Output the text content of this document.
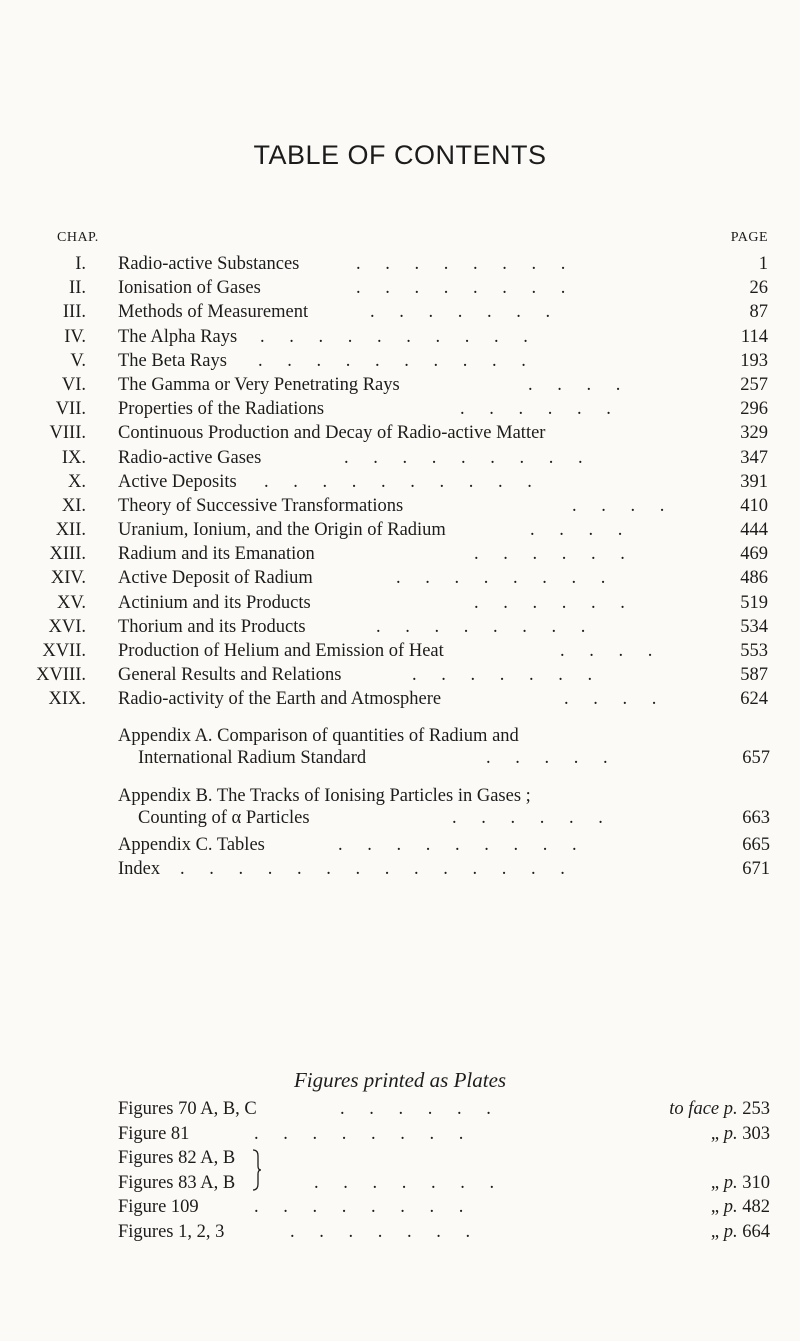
TABLE OF CONTENTS
CHAP.	PAGE
I. Radio-active Substances	. . . . . . . .	1
II. Ionisation of Gases	. . . . . . . .	26
III. Methods of Measurement	. . . . . . .	87
IV. The Alpha Rays . . . . . . . . . .	114
V. The Beta Rays . . . . . . . . . .	193
VI. The Gamma or Very Penetrating Rays	. . . .	257
VII. Properties of the Radiations	. . . . . .	296
VIII. Continuous Production and Decay of Radio-active Matter	329
IX. Radio-active Gases	. . . . . . . . .	347
X. Active Deposits . . . . . . . . . .	391
XI. Theory of Successive Transformations	. . . .	410
XII. Uranium, Ionium, and the Origin of Radium	. . . .	444
XIII. Radium and its Emanation	. . . . . .	469
XIV. Active Deposit of Radium	. . . . . . . .	486
XV. Actinium and its Products	. . . . . .	519
XVI. Thorium and its Products	. . . . . . . .	534
XVII. Production of Helium and Emission of Heat	. . . .	553
XVIII. General Results and Relations	. . . . . . .	587
XIX. Radio-activity of the Earth and Atmosphere	. . . .	624
Appendix A. Comparison of quantities of Radium and
International Radium Standard	. . . . .	657
Appendix B. The Tracks of Ionising Particles in Gases ;
Counting of α Particles	. . . . . .	663
Appendix C. Tables	. . . . . . . . .	665
Index	. . . . . . . . . . . . . .	671
Figures printed as Plates
Figures 70 A, B, C	. . . . . .	to face p. 253
Figure 81	. . . . . . . .	„ p. 303
Figures 82 A, B
Figures 83 A, B	. . . . . . .	„ p. 310
Figure 109	. . . . . . . .	„ p. 482
Figures 1, 2, 3	. . . . . . .	„ p. 664
